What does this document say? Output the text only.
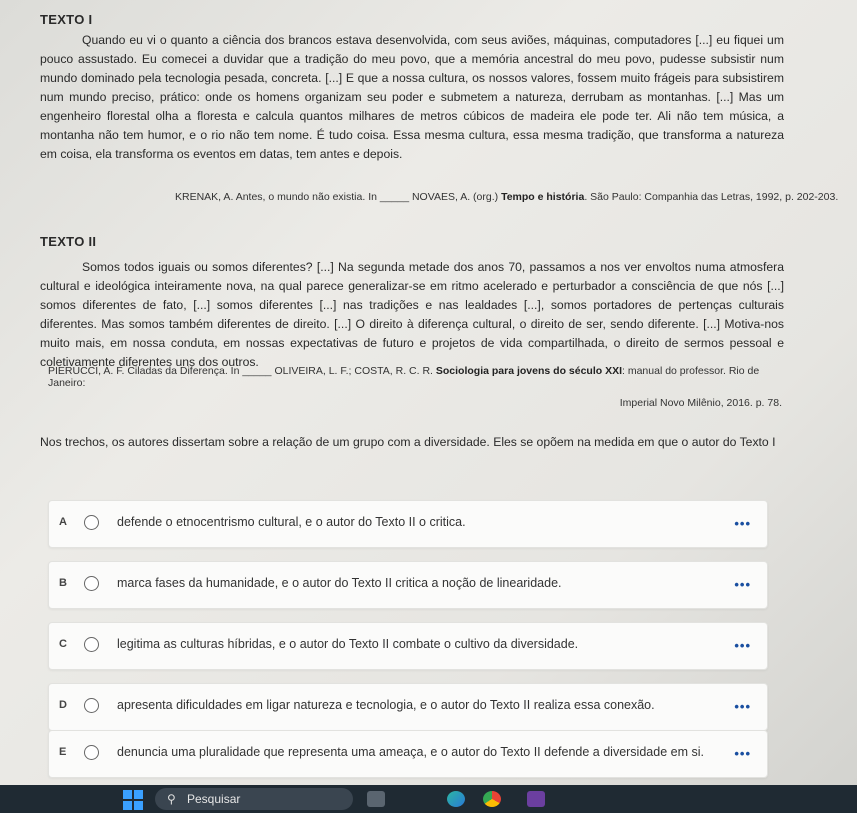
TEXTO I

Quando eu vi o quanto a ciência dos brancos estava desenvolvida, com seus aviões, máquinas, computadores [...] eu fiquei um pouco assustado. Eu comecei a duvidar que a tradição do meu povo, que a memória ancestral do meu povo, pudesse subsistir num mundo dominado pela tecnologia pesada, concreta. [...] E que a nossa cultura, os nossos valores, fossem muito frágeis para subsistirem num mundo preciso, prático: onde os homens organizam seu poder e submetem a natureza, derrubam as montanhas. [...] Mas um engenheiro florestal olha a floresta e calcula quantos milhares de metros cúbicos de madeira ele pode ter. Ali não tem música, a montanha não tem humor, e o rio não tem nome. É tudo coisa. Essa mesma cultura, essa mesma tradição, que transforma a natureza em coisa, ela transforma os eventos em datas, tem antes e depois.

KRENAK, A. Antes, o mundo não existia. In _____ NOVAES, A. (org.) Tempo e história. São Paulo: Companhia das Letras, 1992, p. 202-203.
TEXTO II

Somos todos iguais ou somos diferentes? [...] Na segunda metade dos anos 70, passamos a nos ver envoltos numa atmosfera cultural e ideológica inteiramente nova, na qual parece generalizar-se em ritmo acelerado e perturbador a consciência de que nós [...] somos diferentes de fato, [...] somos diferentes [...] nas tradições e nas lealdades [...], somos portadores de pertenças culturais diferentes. Mas somos também diferentes de direito. [...] O direito à diferença cultural, o direito de ser, sendo diferente. [...] Motiva-nos muito mais, em nossa conduta, em nossas expectativas de futuro e projetos de vida compartilhada, o direito de sermos pessoal e coletivamente diferentes uns dos outros.

PIERUCCI, A. F. Ciladas da Diferença. In _____ OLIVEIRA, L. F.; COSTA, R. C. R. Sociologia para jovens do século XXI: manual do professor. Rio de Janeiro:
Imperial Novo Milênio, 2016. p. 78.
Nos trechos, os autores dissertam sobre a relação de um grupo com a diversidade. Eles se opõem na medida em que o autor do Texto I
A	defende o etnocentrismo cultural, e o autor do Texto II o critica.	•••
B	marca fases da humanidade, e o autor do Texto II critica a noção de linearidade.	•••
C	legitima as culturas híbridas, e o autor do Texto II combate o cultivo da diversidade.	•••
D	apresenta dificuldades em ligar natureza e tecnologia, e o autor do Texto II realiza essa conexão.	•••
E	denuncia uma pluralidade que representa uma ameaça, e o autor do Texto II defende a diversidade em si. •••
⚲ Pesquisar
